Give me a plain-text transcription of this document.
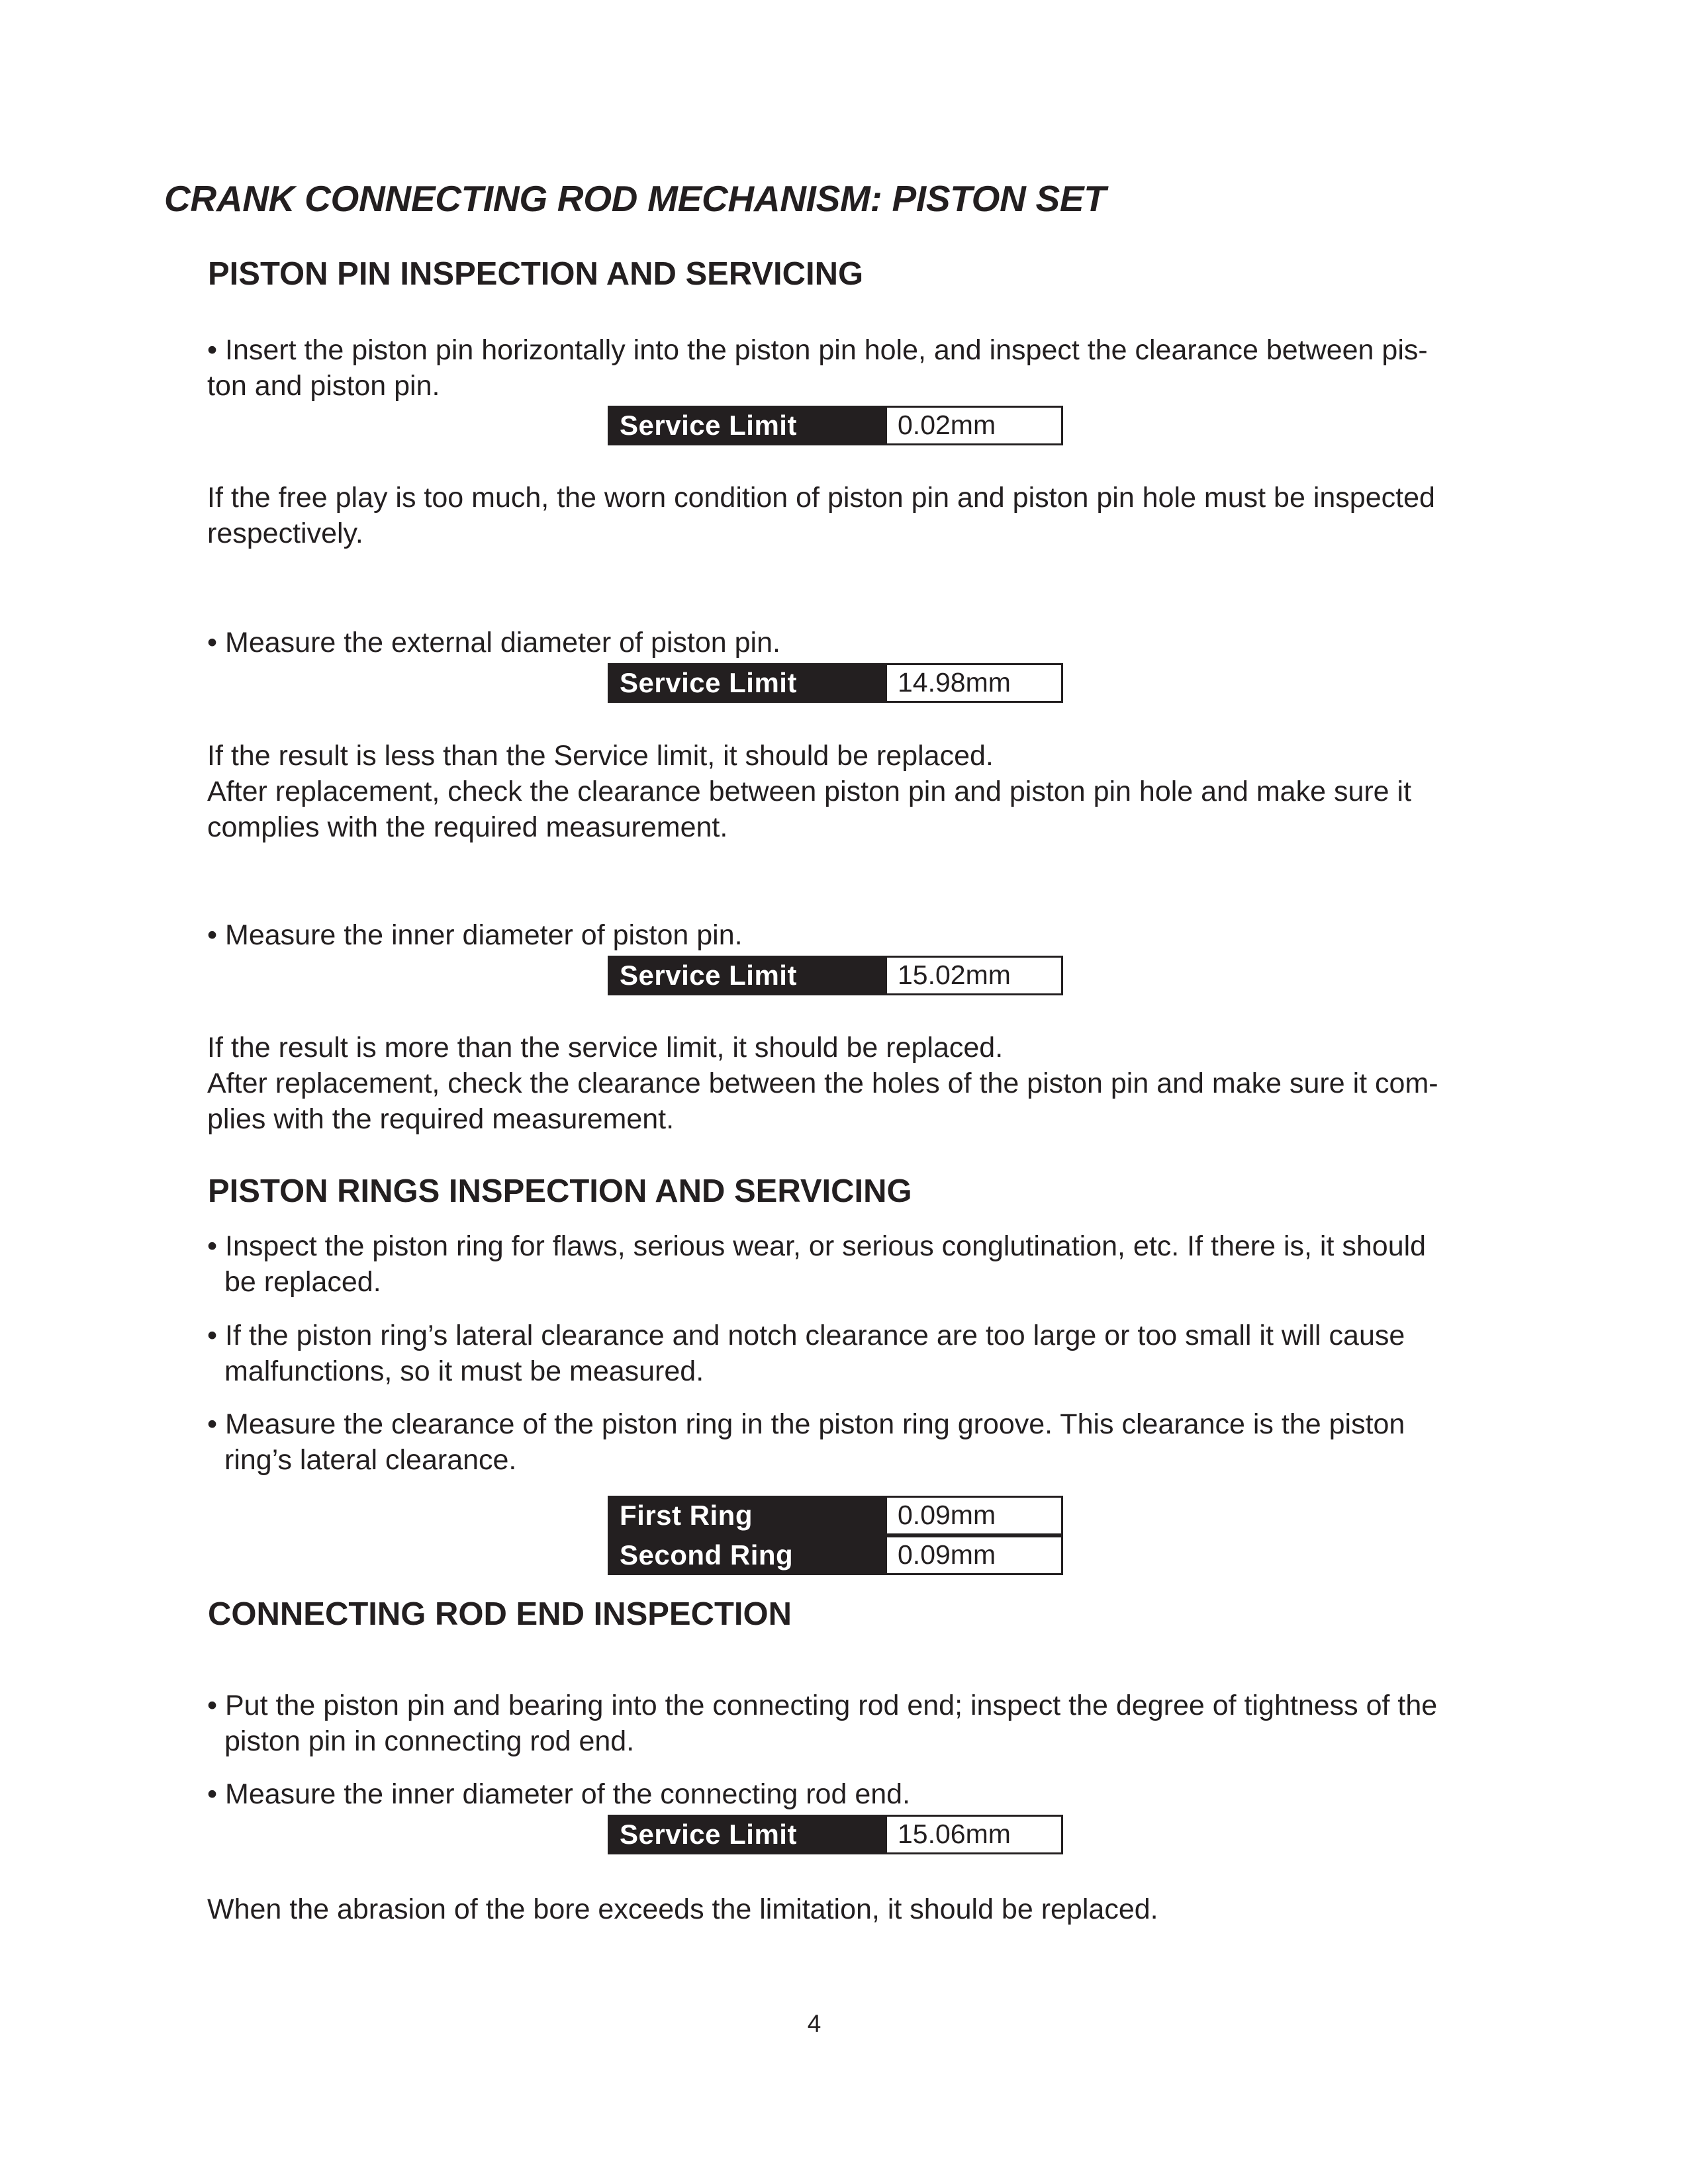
CRANK CONNECTING ROD MECHANISM: PISTON SET
PISTON PIN INSPECTION AND SERVICING
• Insert the piston pin horizontally into the piston pin hole, and inspect the clearance between pis-
ton and piston pin.
Service Limit	0.02mm
If the free play is too much, the worn condition of piston pin and piston pin hole must be inspected
respectively.
• Measure the external diameter of piston pin.
Service Limit	14.98mm
If the result is less than the Service limit, it should be replaced.
After replacement, check the clearance between piston pin and piston pin hole and make sure it
complies with the required measurement.
• Measure the inner diameter of piston pin.
Service Limit	15.02mm
If the result is more than the service limit, it should be replaced.
After replacement, check the clearance between the holes of the piston pin and make sure it com-
plies with the required measurement.
PISTON RINGS INSPECTION AND SERVICING
• Inspect the piston ring for flaws, serious wear, or serious conglutination, etc. If there is, it should
be replaced.
• If the piston ring’s lateral clearance and notch clearance are too large or too small it will cause
malfunctions, so it must be measured.
• Measure the clearance of the piston ring in the piston ring groove. This clearance is the piston
ring’s lateral clearance.
First Ring	0.09mm
Second Ring	0.09mm
CONNECTING ROD END INSPECTION
• Put the piston pin and bearing into the connecting rod end; inspect the degree of tightness of the
piston pin in connecting rod end.
• Measure the inner diameter of the connecting rod end.
Service Limit	15.06mm
When the abrasion of the bore exceeds the limitation, it should be replaced.
4
